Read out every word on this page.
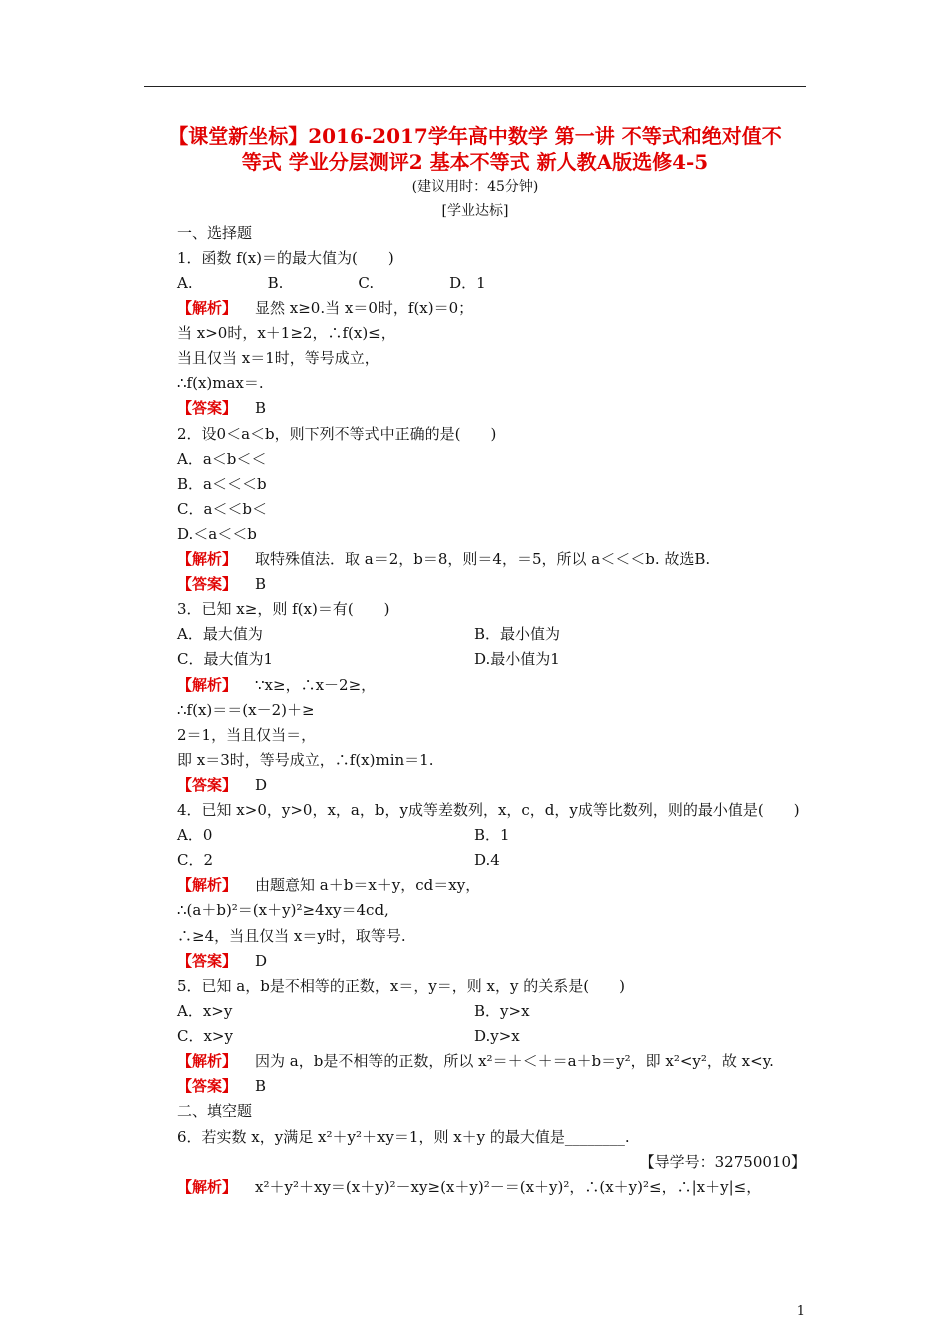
【课堂新坐标】2016-2017学年高中数学 第一讲 不等式和绝对值不
等式 学业分层测评2 基本不等式 新人教A版选修4-5
(建议用时：45分钟)
[学业达标]
一、选择题
1．函数 f(x)＝的最大值为(　　)
A.　　　　　B.　　　　　C.　　　　　D．1
【解析】 显然 x≥0.当 x＝0时，f(x)＝0；
当 x>0时，x＋1≥2，∴f(x)≤，
当且仅当 x＝1时，等号成立，
∴f(x)max＝.
【答案】 B
2．设0＜a＜b，则下列不等式中正确的是(　　)
A．a＜b＜＜
B．a＜＜＜b
C．a＜＜b＜
D.＜a＜＜b
【解析】 取特殊值法．取 a＝2，b＝8，则＝4，＝5，所以 a＜＜＜b. 故选B.
【答案】 B
3．已知 x≥，则 f(x)＝有(　　)
A．最大值为	B．最小值为
C．最大值为1	D.最小值为1
【解析】 ∵x≥，∴x－2≥，
∴f(x)＝＝(x－2)＋≥
2＝1，当且仅当＝，
即 x＝3时，等号成立，∴f(x)min＝1.
【答案】 D
4．已知 x>0，y>0，x，a，b，y成等差数列，x，c，d，y成等比数列，则的最小值是(　　)
A．0	B．1
C．2	D.4
【解析】 由题意知 a＋b＝x＋y，cd＝xy，
∴(a＋b)²＝(x＋y)²≥4xy＝4cd,
∴≥4，当且仅当 x＝y时，取等号.
【答案】 D
5．已知 a，b是不相等的正数，x＝，y＝，则 x，y 的关系是(　　)
A．x>y	B．y>x
C．x>y	D.y>x
【解析】 因为 a，b是不相等的正数，所以 x²＝＋＜＋＝a＋b＝y²，即 x²<y²，故 x<y.
【答案】 B
二、填空题
6．若实数 x，y满足 x²＋y²＋xy＝1，则 x＋y 的最大值是________.
【导学号：32750010】
【解析】 x²＋y²＋xy＝(x＋y)²－xy≥(x＋y)²－＝(x＋y)²，∴(x＋y)²≤，∴|x＋y|≤，
1
